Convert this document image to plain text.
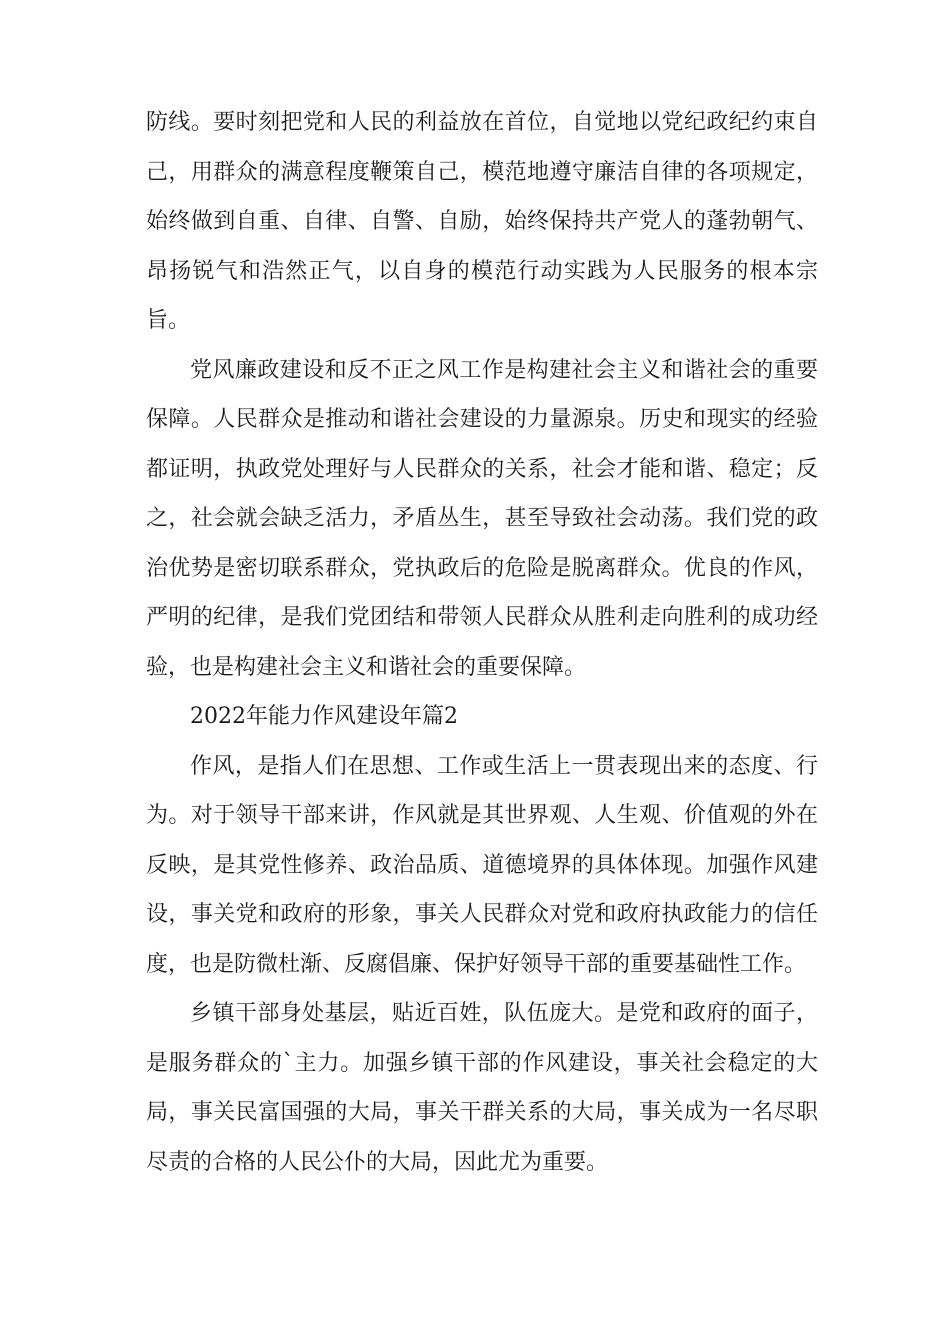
防线。要时刻把党和人民的利益放在首位，自觉地以党纪政纪约束自己，用群众的满意程度鞭策自己，模范地遵守廉洁自律的各项规定，始终做到自重、自律、自警、自励，始终保持共产党人的蓬勃朝气、昂扬锐气和浩然正气，以自身的模范行动实践为人民服务的根本宗旨。

党风廉政建设和反不正之风工作是构建社会主义和谐社会的重要保障。人民群众是推动和谐社会建设的力量源泉。历史和现实的经验都证明，执政党处理好与人民群众的关系，社会才能和谐、稳定；反之，社会就会缺乏活力，矛盾丛生，甚至导致社会动荡。我们党的政治优势是密切联系群众，党执政后的危险是脱离群众。优良的作风，严明的纪律，是我们党团结和带领人民群众从胜利走向胜利的成功经验，也是构建社会主义和谐社会的重要保障。

2022年能力作风建设年篇2

作风，是指人们在思想、工作或生活上一贯表现出来的态度、行为。对于领导干部来讲，作风就是其世界观、人生观、价值观的外在反映，是其党性修养、政治品质、道德境界的具体体现。加强作风建设，事关党和政府的形象，事关人民群众对党和政府执政能力的信任度，也是防微杜渐、反腐倡廉、保护好领导干部的重要基础性工作。

乡镇干部身处基层，贴近百姓，队伍庞大。是党和政府的面子，是服务群众的`主力。加强乡镇干部的作风建设，事关社会稳定的大局，事关民富国强的大局，事关干群关系的大局，事关成为一名尽职尽责的合格的人民公仆的大局，因此尤为重要。
